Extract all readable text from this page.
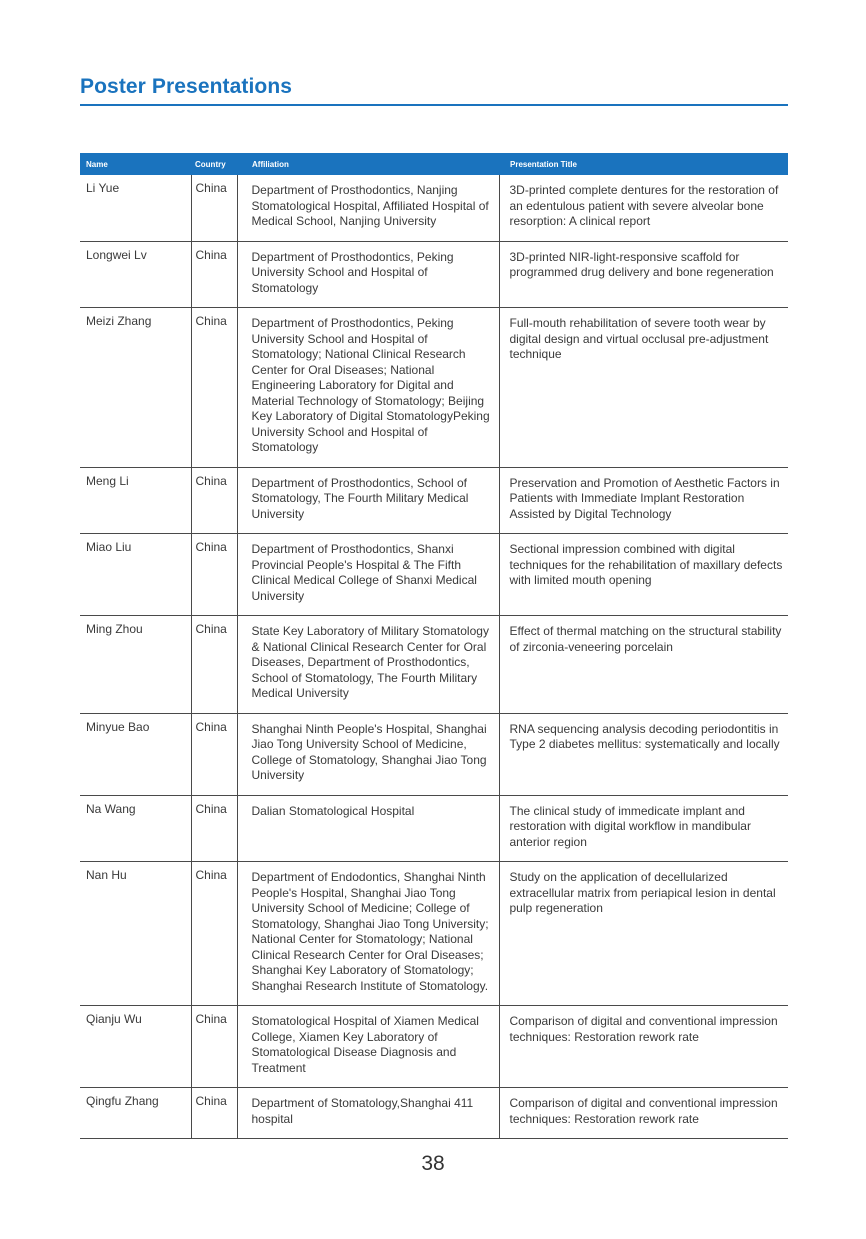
Poster Presentations
Name	Country	Affiliation	Presentation Title
Li Yue	China	Department of Prosthodontics, Nanjing Stomatological Hospital, Affiliated Hospital of Medical School, Nanjing University	3D-printed complete dentures for the restoration of an edentulous patient with severe alveolar bone resorption: A clinical report
Longwei Lv	China	Department of Prosthodontics, Peking University School and Hospital of Stomatology	3D-printed NIR-light-responsive scaffold for programmed drug delivery and bone regeneration
Meizi Zhang	China	Department of Prosthodontics, Peking University School and Hospital of Stomatology; National Clinical Research Center for Oral Diseases; National Engineering Laboratory for Digital and Material Technology of Stomatology; Beijing Key Laboratory of Digital StomatologyPeking University School and Hospital of Stomatology	Full-mouth rehabilitation of severe tooth wear by digital design and virtual occlusal pre-adjustment technique
Meng Li	China	Department of Prosthodontics, School of Stomatology, The Fourth Military Medical University	Preservation and Promotion of Aesthetic Factors in Patients with Immediate Implant Restoration Assisted by Digital Technology
Miao Liu	China	Department of Prosthodontics, Shanxi Provincial People's Hospital & The Fifth Clinical Medical College of Shanxi Medical University	Sectional impression combined with digital techniques for the rehabilitation of maxillary defects with limited mouth opening
Ming Zhou	China	State Key Laboratory of Military Stomatology & National Clinical Research Center for Oral Diseases, Department of Prosthodontics, School of Stomatology, The Fourth Military Medical University	Effect of thermal matching on the structural stability of zirconia-veneering porcelain
Minyue Bao	China	Shanghai Ninth People's Hospital, Shanghai Jiao Tong University School of Medicine, College of Stomatology, Shanghai Jiao Tong University	RNA sequencing analysis decoding periodontitis in Type 2 diabetes mellitus: systematically and locally
Na Wang	China	Dalian Stomatological Hospital	The clinical study of immedicate implant and restoration with digital workflow in mandibular anterior region
Nan Hu	China	Department of Endodontics, Shanghai Ninth People's Hospital, Shanghai Jiao Tong University School of Medicine; College of Stomatology, Shanghai Jiao Tong University; National Center for Stomatology; National Clinical Research Center for Oral Diseases; Shanghai Key Laboratory of Stomatology; Shanghai Research Institute of Stomatology.	Study on the application of decellularized extracellular matrix from periapical lesion in dental pulp regeneration
Qianju Wu	China	Stomatological Hospital of Xiamen Medical College, Xiamen Key Laboratory of Stomatological Disease Diagnosis and Treatment	Comparison of digital and conventional impression techniques: Restoration rework rate
Qingfu Zhang	China	Department of Stomatology,Shanghai 411 hospital	Comparison of digital and conventional impression techniques: Restoration rework rate
38
